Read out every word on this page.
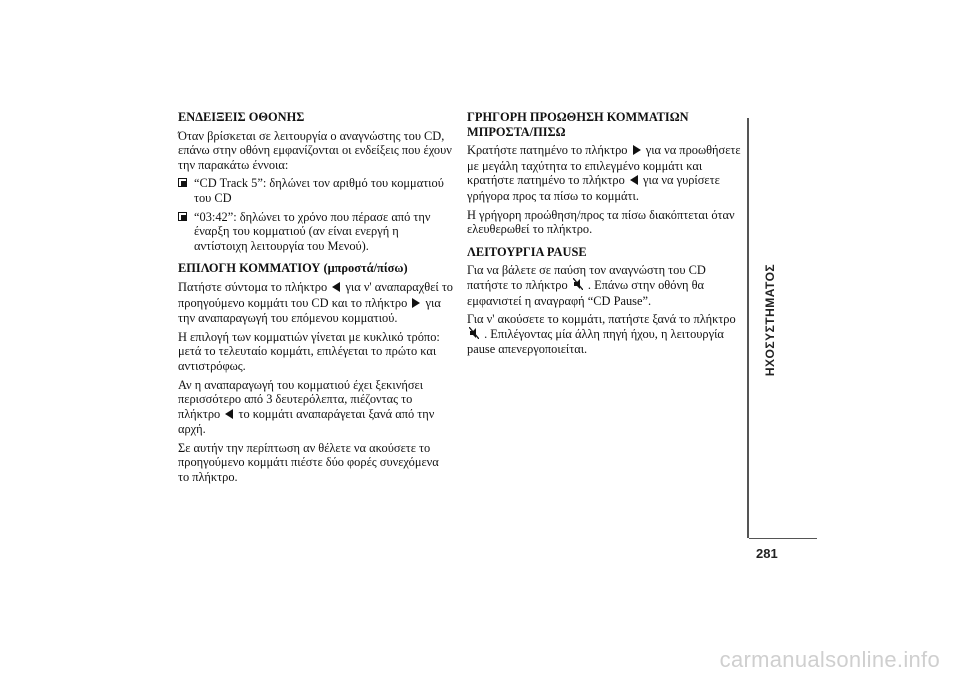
ΕΝΔΕΙΞΕΙΣ ΟΘΟΝΗΣ

Όταν βρίσκεται σε λειτουργία ο αναγνώστης του CD, επάνω στην οθόνη εμφανίζονται οι ενδείξεις που έχουν την παρακάτω έννοια:

“CD Track 5”: δηλώνει τον αριθμό του κομματιού του CD
“03:42”: δηλώνει το χρόνο που πέρασε από την έναρξη του κομματιού (αν είναι ενεργή η αντίστοιχη λειτουργία του Μενού).
ΕΠΙΛΟΓΗ ΚΟΜΜΑΤΙΟΥ (μπροστά/πίσω)

Πατήστε σύντομα το πλήκτρο για ν' αναπαραχθεί το προηγούμενο κομμάτι του CD και το πλήκτρο για την αναπαραγωγή του επόμενου κομματιού.

Η επιλογή των κομματιών γίνεται με κυκλικό τρόπο: μετά το τελευταίο κομμάτι, επιλέγεται το πρώτο και αντιστρόφως.

Αν η αναπαραγωγή του κομματιού έχει ξεκινήσει περισσότερο από 3 δευτερόλεπτα, πιέζοντας το πλήκτρο το κομμάτι αναπαράγεται ξανά από την αρχή.

Σε αυτήν την περίπτωση αν θέλετε να ακούσετε το προηγούμενο κομμάτι πιέστε δύο φορές συνεχόμενα το πλήκτρο.

ΓΡΗΓΟΡΗ ΠΡΟΩΘΗΣΗ ΚΟΜΜΑΤΙΩΝ ΜΠΡΟΣΤΑ/ΠΙΣΩ

Κρατήστε πατημένο το πλήκτρο για να προωθήσετε με μεγάλη ταχύτητα το επιλεγμένο κομμάτι και κρατήστε πατημένο το πλήκτρο για να γυρίσετε γρήγορα προς τα πίσω το κομμάτι.

Η γρήγορη προώθηση/προς τα πίσω διακόπτεται όταν ελευθερωθεί το πλήκτρο.

ΛΕΙΤΟΥΡΓΙΑ PAUSE

Για να βάλετε σε παύση τον αναγνώστη του CD πατήστε το πλήκτρο . Επάνω στην οθόνη θα εμφανιστεί η αναγραφή “CD Pause”.

Για ν' ακούσετε το κομμάτι, πατήστε ξανά το πλήκτρο  . Επιλέγοντας μία άλλη πηγή ήχου, η λειτουργία pause απενεργοποιείται.	ΗΧΟΣΥΣΤΗΜΑΤΟΣ
281
carmanualsonline.info
